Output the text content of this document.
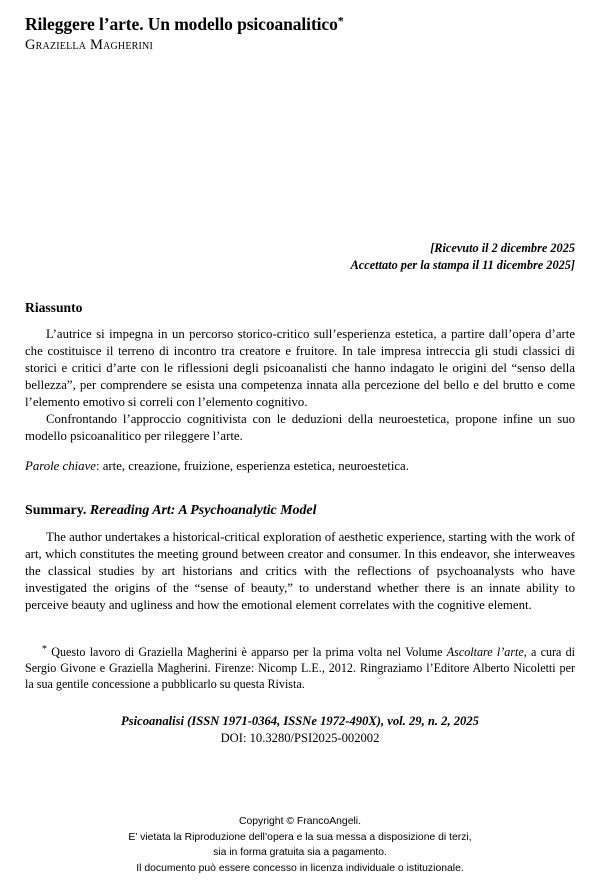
Rileggere l’arte. Un modello psicoanalitico*
Graziella Magherini
[Ricevuto il 2 dicembre 2025
Accettato per la stampa il 11 dicembre 2025]
Riassunto

L’autrice si impegna in un percorso storico-critico sull’esperienza estetica, a partire dall’opera d’arte che costituisce il terreno di incontro tra creatore e fruitore. In tale impresa intreccia gli studi classici di storici e critici d’arte con le riflessioni degli psicoanalisti che hanno indagato le origini del “senso della bellezza”, per comprendere se esista una competenza innata alla percezione del bello e del brutto e come l’elemento emotivo si correli con l’elemento cognitivo.

Confrontando l’approccio cognitivista con le deduzioni della neuroestetica, propone infine un suo modello psicoanalitico per rileggere l’arte.

Parole chiave: arte, creazione, fruizione, esperienza estetica, neuroestetica.
Summary. Rereading Art: A Psychoanalytic Model

The author undertakes a historical-critical exploration of aesthetic experience, starting with the work of art, which constitutes the meeting ground between creator and consumer. In this endeavor, she interweaves the classical studies by art historians and critics with the reflections of psychoanalysts who have investigated the origins of the “sense of beauty,” to understand whether there is an innate ability to perceive beauty and ugliness and how the emotional element correlates with the cognitive element.

* Questo lavoro di Graziella Magherini è apparso per la prima volta nel Volume Ascoltare l’arte, a cura di Sergio Givone e Graziella Magherini. Firenze: Nicomp L.E., 2012. Ringraziamo l’Editore Alberto Nicoletti per la sua gentile concessione a pubblicarlo su questa Rivista.
Psicoanalisi (ISSN 1971-0364, ISSNe 1972-490X), vol. 29, n. 2, 2025
DOI: 10.3280/PSI2025-002002
Copyright © FrancoAngeli.
E’ vietata la Riproduzione dell’opera e la sua messa a disposizione di terzi,
sia in forma gratuita sia a pagamento.
Il documento può essere concesso in licenza individuale o istituzionale.
